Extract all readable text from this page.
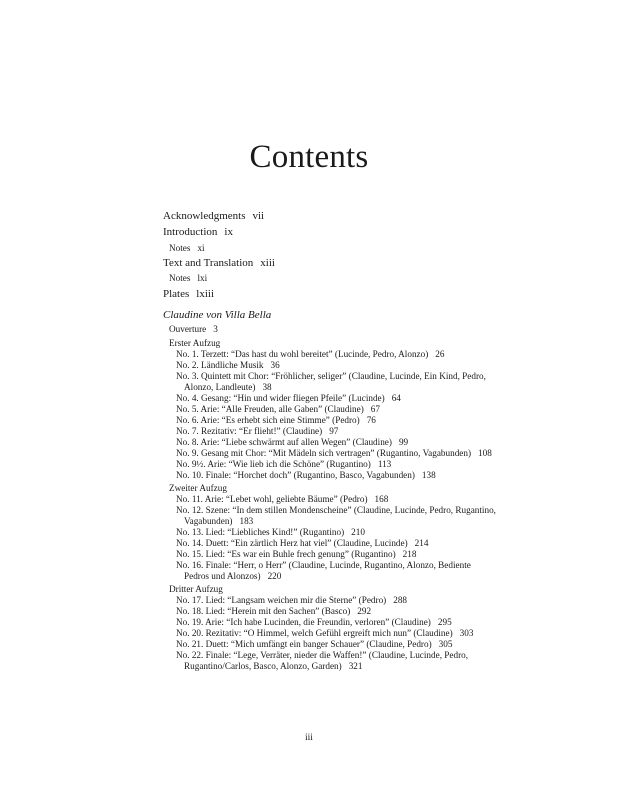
Contents
Acknowledgments vii
Introduction ix
Notes xi
Text and Translation xiii
Notes lxi
Plates lxiii
Claudine von Villa Bella
Ouverture 3
Erster Aufzug
No. 1. Terzett: “Das hast du wohl bereitet” (Lucinde, Pedro, Alonzo) 26
No. 2. Ländliche Musik 36
No. 3. Quintett mit Chor: “Fröhlicher, seliger” (Claudine, Lucinde, Ein Kind, Pedro,
Alonzo, Landleute) 38
No. 4. Gesang: “Hin und wider fliegen Pfeile” (Lucinde) 64
No. 5. Arie: “Alle Freuden, alle Gaben” (Claudine) 67
No. 6. Arie: “Es erhebt sich eine Stimme” (Pedro) 76
No. 7. Rezitativ: “Er flieht!” (Claudine) 97
No. 8. Arie: “Liebe schwärmt auf allen Wegen” (Claudine) 99
No. 9. Gesang mit Chor: “Mit Mädeln sich vertragen” (Rugantino, Vagabunden) 108
No. 9½. Arie: “Wie lieb ich die Schöne” (Rugantino) 113
No. 10. Finale: “Horchet doch” (Rugantino, Basco, Vagabunden) 138
Zweiter Aufzug
No. 11. Arie: “Lebet wohl, geliebte Bäume” (Pedro) 168
No. 12. Szene: “In dem stillen Mondenscheine” (Claudine, Lucinde, Pedro, Rugantino,
Vagabunden) 183
No. 13. Lied: “Liebliches Kind!” (Rugantino) 210
No. 14. Duett: “Ein zärtlich Herz hat viel” (Claudine, Lucinde) 214
No. 15. Lied: “Es war ein Buhle frech genung” (Rugantino) 218
No. 16. Finale: “Herr, o Herr” (Claudine, Lucinde, Rugantino, Alonzo, Bediente
Pedros und Alonzos) 220
Dritter Aufzug
No. 17. Lied: “Langsam weichen mir die Sterne” (Pedro) 288
No. 18. Lied: “Herein mit den Sachen” (Basco) 292
No. 19. Arie: “Ich habe Lucinden, die Freundin, verloren” (Claudine) 295
No. 20. Rezitativ: “O Himmel, welch Gefühl ergreift mich nun” (Claudine) 303
No. 21. Duett: “Mich umfängt ein banger Schauer” (Claudine, Pedro) 305
No. 22. Finale: “Lege, Verräter, nieder die Waffen!” (Claudine, Lucinde, Pedro,
Rugantino/Carlos, Basco, Alonzo, Garden) 321
iii
